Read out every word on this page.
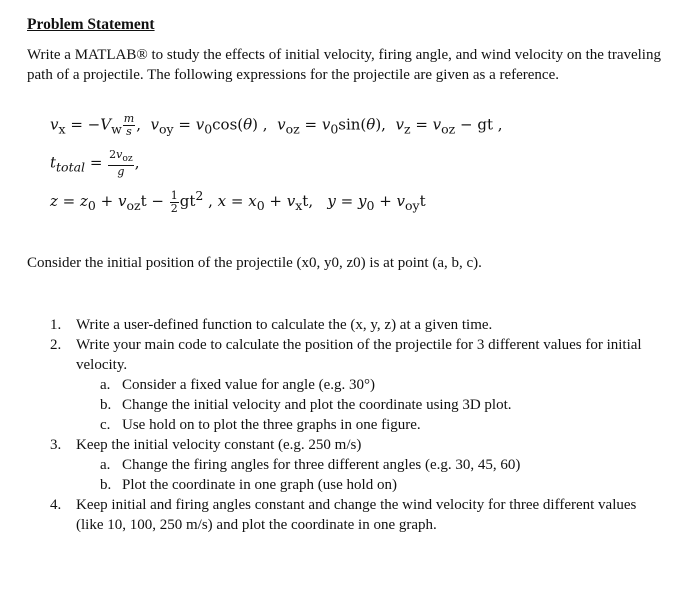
Problem Statement
Write a MATLAB® to study the effects of initial velocity, firing angle, and wind velocity on the traveling path of a projectile. The following expressions for the projectile are given as a reference.
$v_x = -V_w \frac{m}{s}$ ,  $v_{oy} = v_0\cos(\theta)$ ,  $v_{oz} = v_0\sin(\theta)$,  $v_z = v_{oz}$ − gt ,
$t_{total} = \frac{2v_{oz}}{g}$ ,
$z = z_0 + v_{oz}t - \frac{1}{2} gt^2$ , $x = x_0 + v_xt$,   $y = y_0 + v_{oy}t$
Consider the initial position of the projectile (x0, y0, z0) is at point (a, b, c).
1. Write a user-defined function to calculate the (x, y, z) at a given time.
2. Write your main code to calculate the position of the projectile for 3 different values for initial
velocity.
a. Consider a fixed value for angle (e.g. 30°)
b. Change the initial velocity and plot the coordinate using 3D plot.
c. Use hold on to plot the three graphs in one figure.
3. Keep the initial velocity constant (e.g. 250 m/s)
a. Change the firing angles for three different angles (e.g. 30, 45, 60)
b. Plot the coordinate in one graph (use hold on)
4. Keep initial and firing angles constant and change the wind velocity for three different values
(like 10, 100, 250 m/s) and plot the coordinate in one graph.
